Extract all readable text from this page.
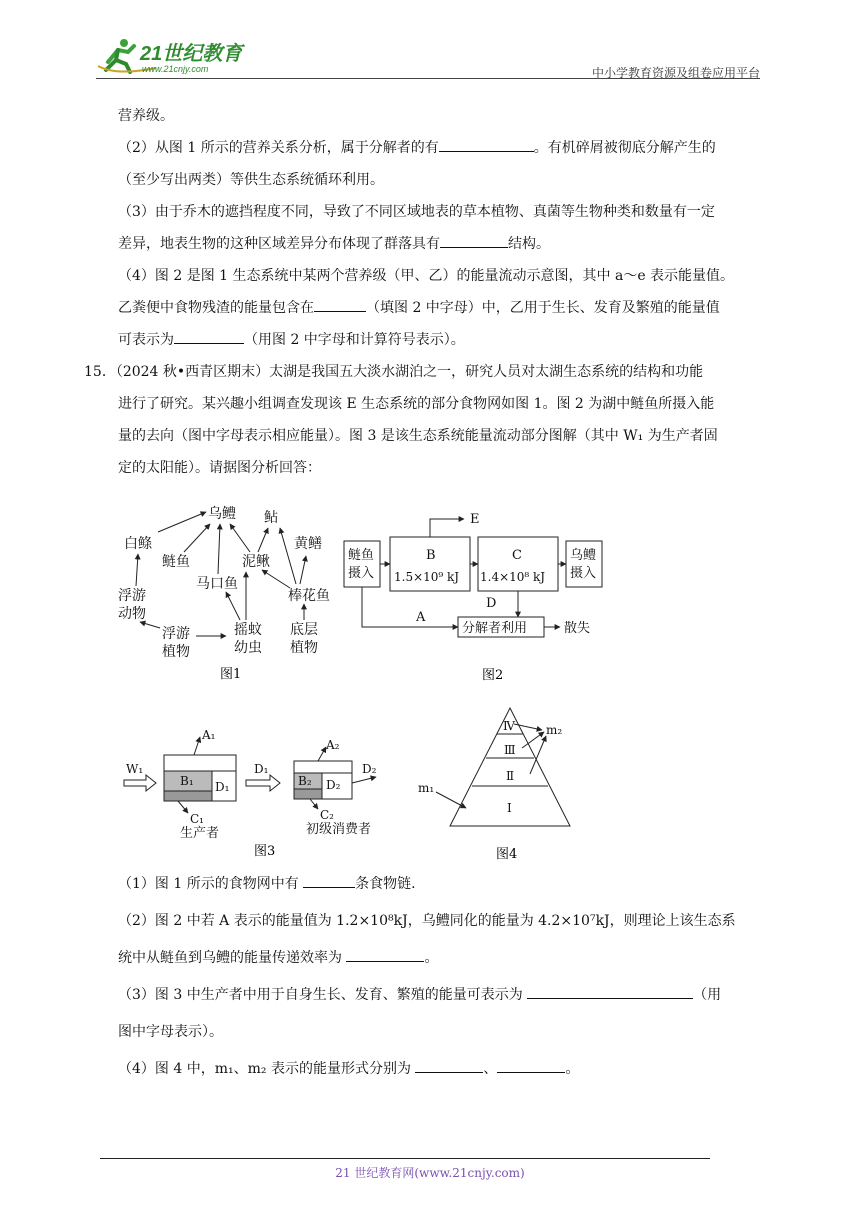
21世纪教育
www.21cnjy.com	中小学教育资源及组卷应用平台

营养级。

（2）从图 1 所示的营养关系分析，属于分解者的有	。有机碎屑被彻底分解产生的

（至少写出两类）等供生态系统循环利用。

（3）由于乔木的遮挡程度不同，导致了不同区域地表的草本植物、真菌等生物种类和数量有一定

差异，地表生物的这种区域差异分布体现了群落具有	结构。

（4）图 2 是图 1 生态系统中某两个营养级（甲、乙）的能量流动示意图，其中 a～e 表示能量值。

乙粪便中食物残渣的能量包含在	（填图 2 中字母）中，乙用于生长、发育及繁殖的能量值

可表示为	（用图 2 中字母和计算符号表示）。

15．（2024 秋•西青区期末）太湖是我国五大淡水湖泊之一，研究人员对太湖生态系统的结构和功能

进行了研究。某兴趣小组调查发现该 E 生态系统的部分食物网如图 1。图 2 为湖中鲢鱼所摄入能

量的去向（图中字母表示相应能量）。图 3 是该生态系统能量流动部分图解（其中 W₁ 为生产者固

定的太阳能）。请据图分析回答：

乌鳢
白鲦
鲢鱼	泥鳅
鲇
黄鳝
马口鱼
浮游
动物
浮游
植物
摇蚊
幼虫
棒花鱼
底层
植物
图1
鲢鱼
摄入
B
1.5×10⁹ kJ
C
1.4×10⁸ kJ
乌鳢
摄入
E
A
D
分解者利用	散失
图2
A₁
W₁
B₁ D₁
D₁
C₁
A₂
B₂ D₂
D₂
C₂
生产者	初级消费者
图3
Ⅳ
Ⅲ
Ⅱ
Ⅰ
m₁
m₂
图4

（1）图 1 所示的食物网中有	条食物链.

（2）图 2 中若 A 表示的能量值为 1.2×10⁸kJ，乌鳢同化的能量为 4.2×10⁷kJ，则理论上该生态系

统中从鲢鱼到乌鳢的能量传递效率为	。

（3）图 3 中生产者中用于自身生长、发育、繁殖的能量可表示为	（用

图中字母表示）。

（4）图 4 中，m₁、m₂ 表示的能量形式分别为	、	。

21 世纪教育网(www.21cnjy.com)
